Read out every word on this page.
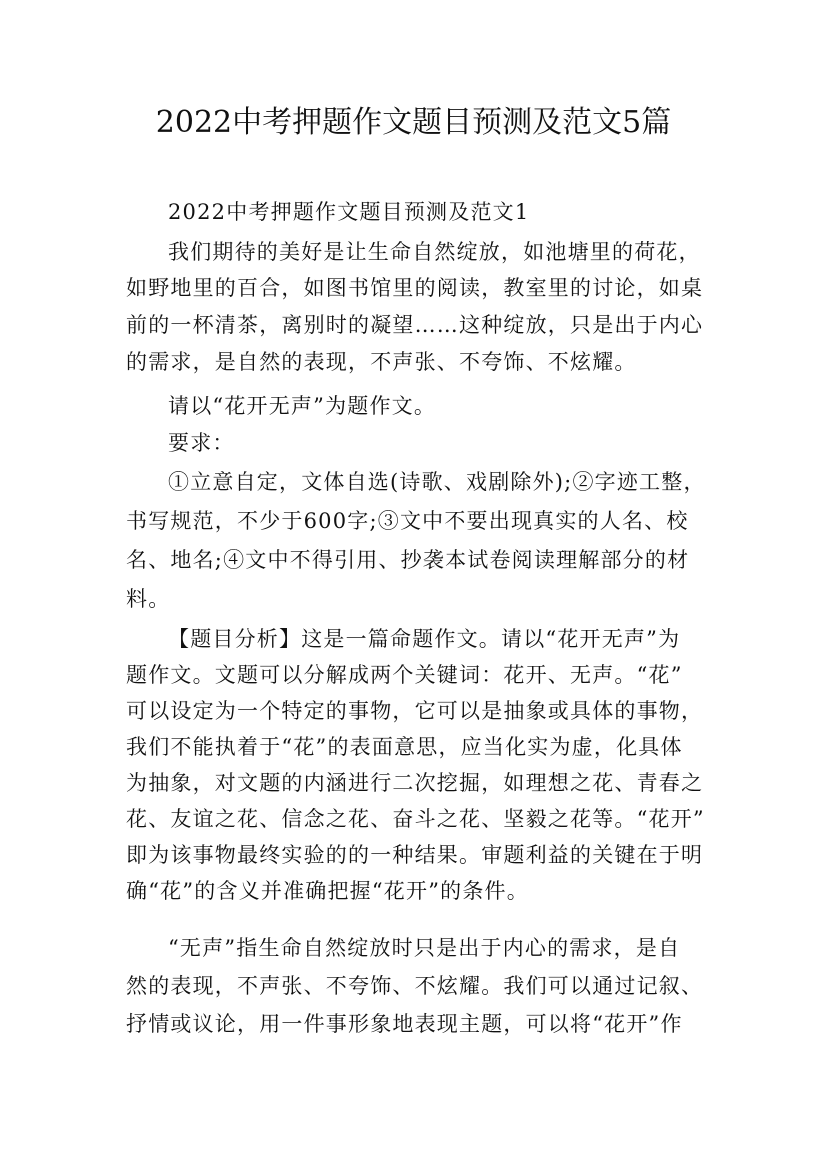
2022中考押题作文题目预测及范文5篇
2022中考押题作文题目预测及范文1
我们期待的美好是让生命自然绽放，如池塘里的荷花，
如野地里的百合，如图书馆里的阅读，教室里的讨论，如桌
前的一杯清茶，离别时的凝望……这种绽放，只是出于内心
的需求，是自然的表现，不声张、不夸饰、不炫耀。
请以“花开无声”为题作文。
要求：
①立意自定，文体自选(诗歌、戏剧除外);②字迹工整，
书写规范，不少于600字;③文中不要出现真实的人名、校
名、地名;④文中不得引用、抄袭本试卷阅读理解部分的材
料。
【题目分析】这是一篇命题作文。请以“花开无声”为
题作文。文题可以分解成两个关键词：花开、无声。“花”
可以设定为一个特定的事物，它可以是抽象或具体的事物，
我们不能执着于“花”的表面意思，应当化实为虚，化具体
为抽象，对文题的内涵进行二次挖掘，如理想之花、青春之
花、友谊之花、信念之花、奋斗之花、坚毅之花等。“花开”
即为该事物最终实验的的一种结果。审题利益的关键在于明
确“花”的含义并准确把握“花开”的条件。
“无声”指生命自然绽放时只是出于内心的需求，是自
然的表现，不声张、不夸饰、不炫耀。我们可以通过记叙、
抒情或议论，用一件事形象地表现主题，可以将“花开”作
